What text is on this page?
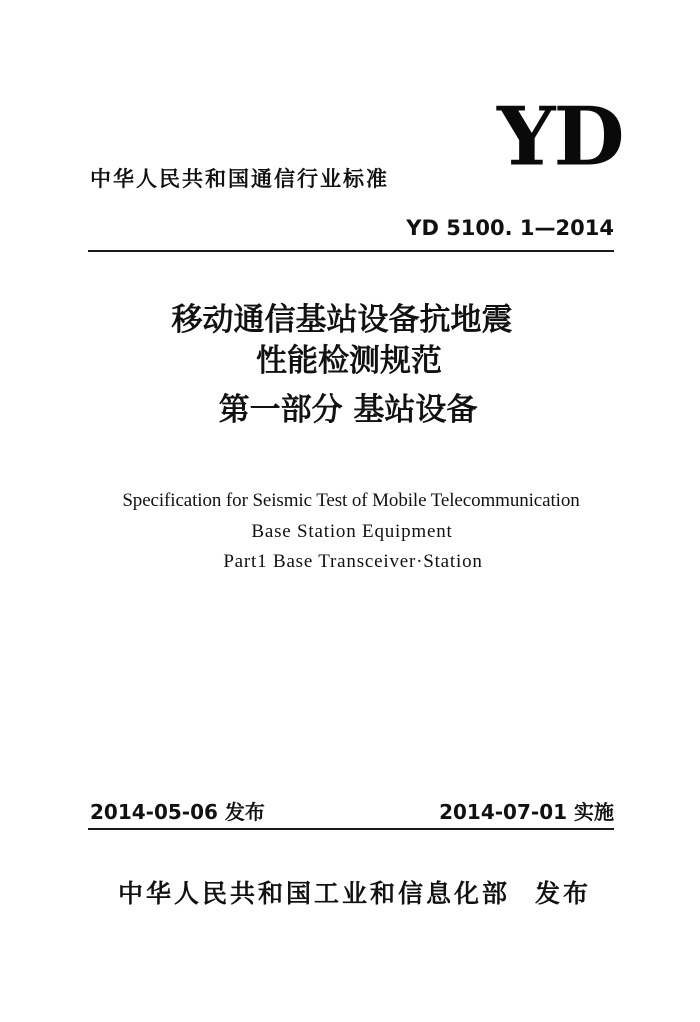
YD
中华人民共和国通信行业标准
YD 5100. 1—2014
移动通信基站设备抗地震
性能检测规范
第一部分 基站设备
Specification for Seismic Test of Mobile Telecommunication
Base Station Equipment
Part1 Base Transceiver·Station
2014-05-06 发布	2014-07-01 实施
中华人民共和国工业和信息化部 发布
